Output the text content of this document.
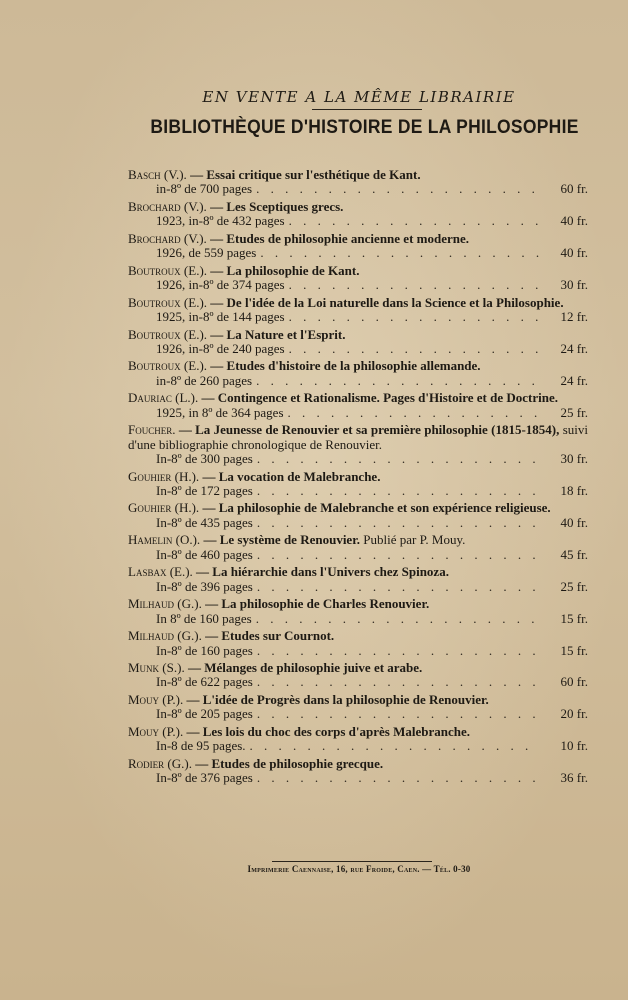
EN VENTE A LA MÊME LIBRAIRIE
BIBLIOTHÈQUE D'HISTOIRE DE LA PHILOSOPHIE
Basch (V.). — Essai critique sur l'esthétique de Kant.
in-8º de 700 pages . . .	60 fr.
Brochard (V.). — Les Sceptiques grecs.
1923, in-8º de 432 pages . . .	40 fr.
Brochard (V.). — Etudes de philosophie ancienne et moderne.
1926, de 559 pages . . .	40 fr.
Boutroux (E.). — La philosophie de Kant.
1926, in-8º de 374 pages . . .	30 fr.
Boutroux (E.). — De l'idée de la Loi naturelle dans la Science et la Philosophie.
1925, in-8º de 144 pages . . .	12 fr.
Boutroux (E.). — La Nature et l'Esprit.
1926, in-8º de 240 pages . . .	24 fr.
Boutroux (E.). — Etudes d'histoire de la philosophie allemande.
in-8º de 260 pages . . .	24 fr.
Dauriac (L.). — Contingence et Rationalisme. Pages d'Histoire et de Doctrine.
1925, in 8º de 364 pages . . .	25 fr.
Foucher. — La Jeunesse de Renouvier et sa première philosophie (1815-1854), suivi d'une bibliographie chronologique de Renouvier.
In-8º de 300 pages . . .	30 fr.
Gouhier (H.). — La vocation de Malebranche.
In-8º de 172 pages . . .	18 fr.
Gouhier (H.). — La philosophie de Malebranche et son expérience religieuse.
In-8º de 435 pages . . .	40 fr.
Hamelin (O.). — Le système de Renouvier. Publié par P. Mouy.
In-8º de 460 pages . . .	45 fr.
Lasbax (E.). — La hiérarchie dans l'Univers chez Spinoza.
In-8º de 396 pages . . .	25 fr.
Milhaud (G.). — La philosophie de Charles Renouvier.
In 8º de 160 pages . . .	15 fr.
Milhaud (G.). — Etudes sur Cournot.
In-8º de 160 pages . . .	15 fr.
Munk (S.). — Mélanges de philosophie juive et arabe.
In-8º de 622 pages . . .	60 fr.
Mouy (P.). — L'idée de Progrès dans la philosophie de Renouvier.
In-8º de 205 pages . . .	20 fr.
Mouy (P.). — Les lois du choc des corps d'après Malebranche.
In-8 de 95 pages. . . .	10 fr.
Rodier (G.). — Etudes de philosophie grecque.
In-8º de 376 pages . . .	36 fr.
Imprimerie Caennaise, 16, rue Froide, Caen. — Tél. 0-30
